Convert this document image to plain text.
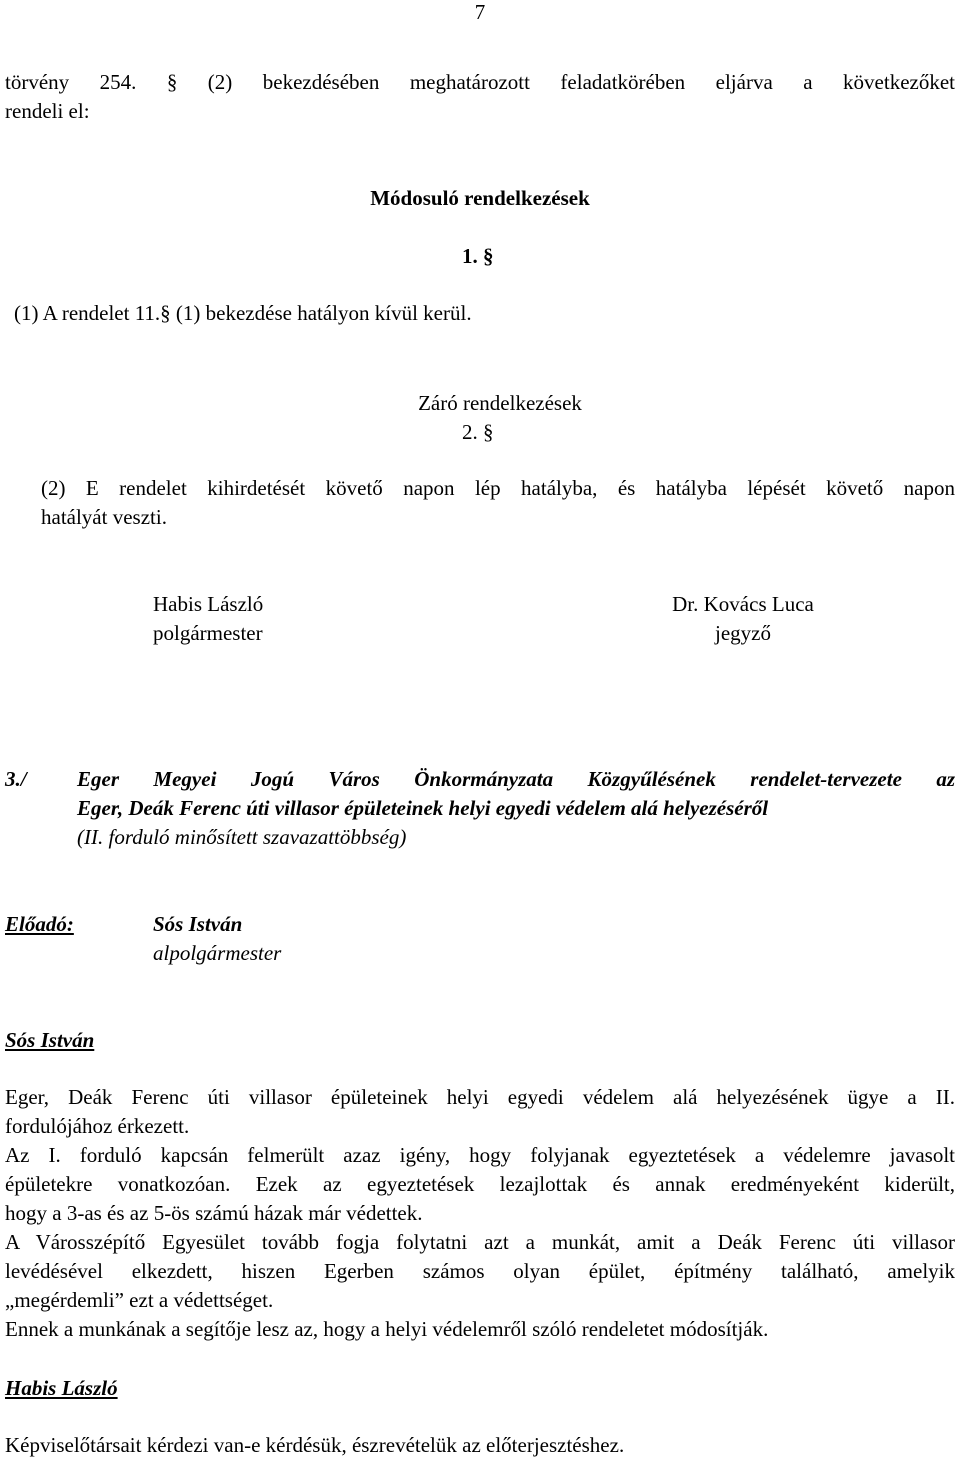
7

törvény 254. § (2) bekezdésében meghatározott feladatkörében eljárva a következőket

rendeli el:

Módosuló rendelkezések
1. §
(1) A rendelet 11.§ (1) bekezdése hatályon kívül kerül.
Záró rendelkezések
2. §

(2) E rendelet kihirdetését követő napon lép hatályba, és hatályba lépését követő napon

hatályát veszti.

Habis László

polgármester

Dr. Kovács Luca

jegyző

3./ Eger Megyei Jogú Város Önkormányzata Közgyűlésének rendelet-tervezete az

Eger, Deák Ferenc úti villasor épületeinek helyi egyedi védelem alá helyezéséről

(II. forduló minősített szavazattöbbség)

Előadó:	Sós István

alpolgármester

Sós István

Eger, Deák Ferenc úti villasor épületeinek helyi egyedi védelem alá helyezésének ügye a II.

fordulójához érkezett.

Az I. forduló kapcsán felmerült azaz igény, hogy folyjanak egyeztetések a védelemre javasolt

épületekre vonatkozóan. Ezek az egyeztetések lezajlottak és annak eredményeként kiderült,

hogy a 3-as és az 5-ös számú házak már védettek.

A Városszépítő Egyesület tovább fogja folytatni azt a munkát, amit a Deák Ferenc úti villasor

levédésével elkezdett, hiszen Egerben számos olyan épület, építmény található, amelyik

„megérdemli” ezt a védettséget.

Ennek a munkának a segítője lesz az, hogy a helyi védelemről szóló rendeletet módosítják.

Habis László
Képviselőtársait kérdezi van-e kérdésük, észrevételük az előterjesztéshez.
